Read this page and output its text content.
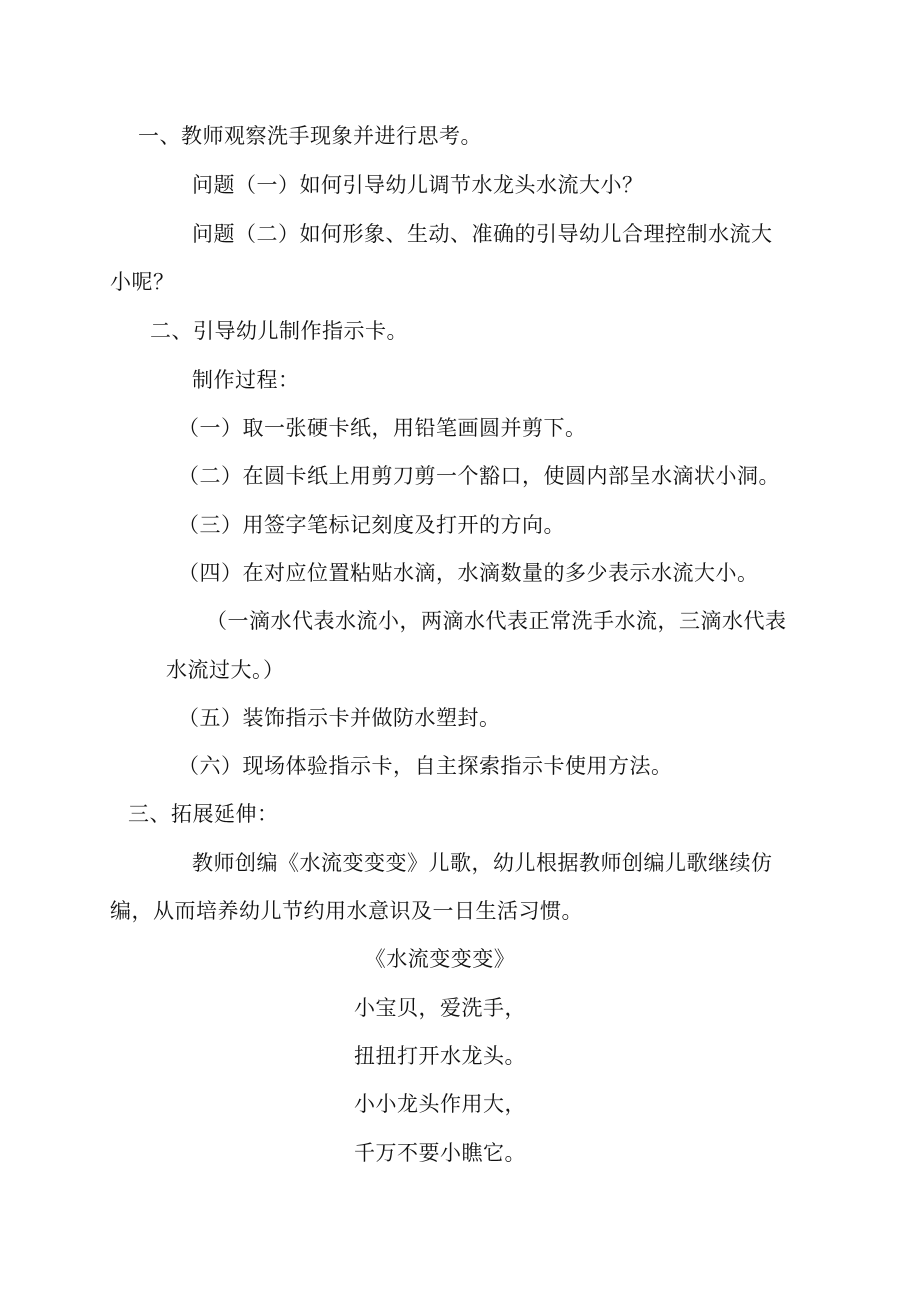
一、教师观察洗手现象并进行思考。
问题（一）如何引导幼儿调节水龙头水流大小？
问题（二）如何形象、生动、准确的引导幼儿合理控制水流大
小呢？
二、引导幼儿制作指示卡。
制作过程：
（一）取一张硬卡纸，用铅笔画圆并剪下。
（二）在圆卡纸上用剪刀剪一个豁口，使圆内部呈水滴状小洞。
（三）用签字笔标记刻度及打开的方向。
（四）在对应位置粘贴水滴，水滴数量的多少表示水流大小。
（一滴水代表水流小，两滴水代表正常洗手水流，三滴水代表
水流过大。）
（五）装饰指示卡并做防水塑封。
（六）现场体验指示卡，自主探索指示卡使用方法。
三、拓展延伸：
教师创编《水流变变变》儿歌，幼儿根据教师创编儿歌继续仿
编，从而培养幼儿节约用水意识及一日生活习惯。
《水流变变变》
小宝贝，爱洗手，
扭扭打开水龙头。
小小龙头作用大，
千万不要小瞧它。
